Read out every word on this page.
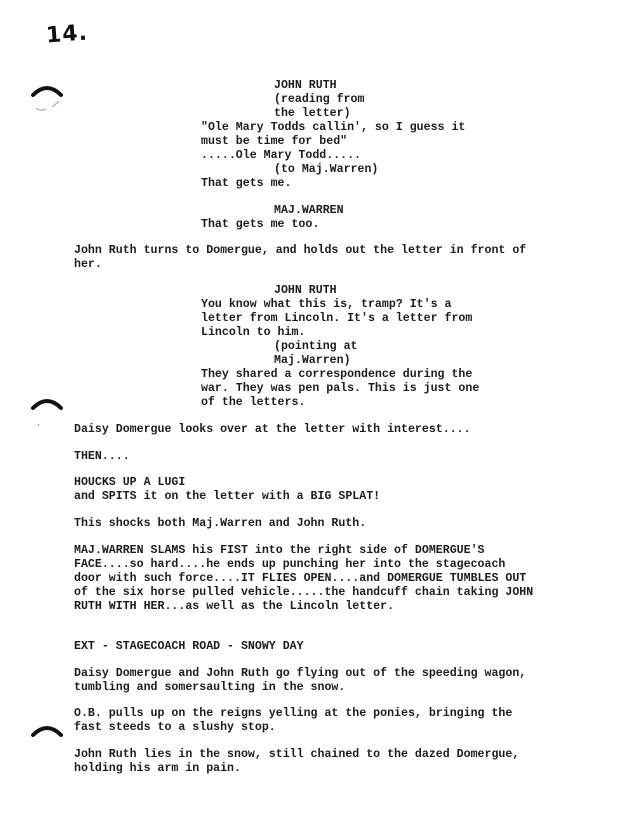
14.
JOHN RUTH
(reading from
the letter)
"Ole Mary Todds callin', so I guess it
must be time for bed"
.....Ole Mary Todd.....
(to Maj.Warren)
That gets me.
MAJ.WARREN
That gets me too.
John Ruth turns to Domergue, and holds out the letter in front of
her.
JOHN RUTH
You know what this is, tramp? It's a
letter from Lincoln. It's a letter from
Lincoln to him.
(pointing at
Maj.Warren)
They shared a correspondence during the
war. They was pen pals. This is just one
of the letters.
Daisy Domergue looks over at the letter with interest....
THEN....
HOUCKS UP A LUGI
and SPITS it on the letter with a BIG SPLAT!
This shocks both Maj.Warren and John Ruth.
MAJ.WARREN SLAMS his FIST into the right side of DOMERGUE'S
FACE....so hard....he ends up punching her into the stagecoach
door with such force....IT FLIES OPEN....and DOMERGUE TUMBLES OUT
of the six horse pulled vehicle.....the handcuff chain taking JOHN
RUTH WITH HER...as well as the Lincoln letter.
EXT - STAGECOACH ROAD - SNOWY DAY
Daisy Domergue and John Ruth go flying out of the speeding wagon,
tumbling and somersaulting in the snow.
O.B. pulls up on the reigns yelling at the ponies, bringing the
fast steeds to a slushy stop.
John Ruth lies in the snow, still chained to the dazed Domergue,
holding his arm in pain.
